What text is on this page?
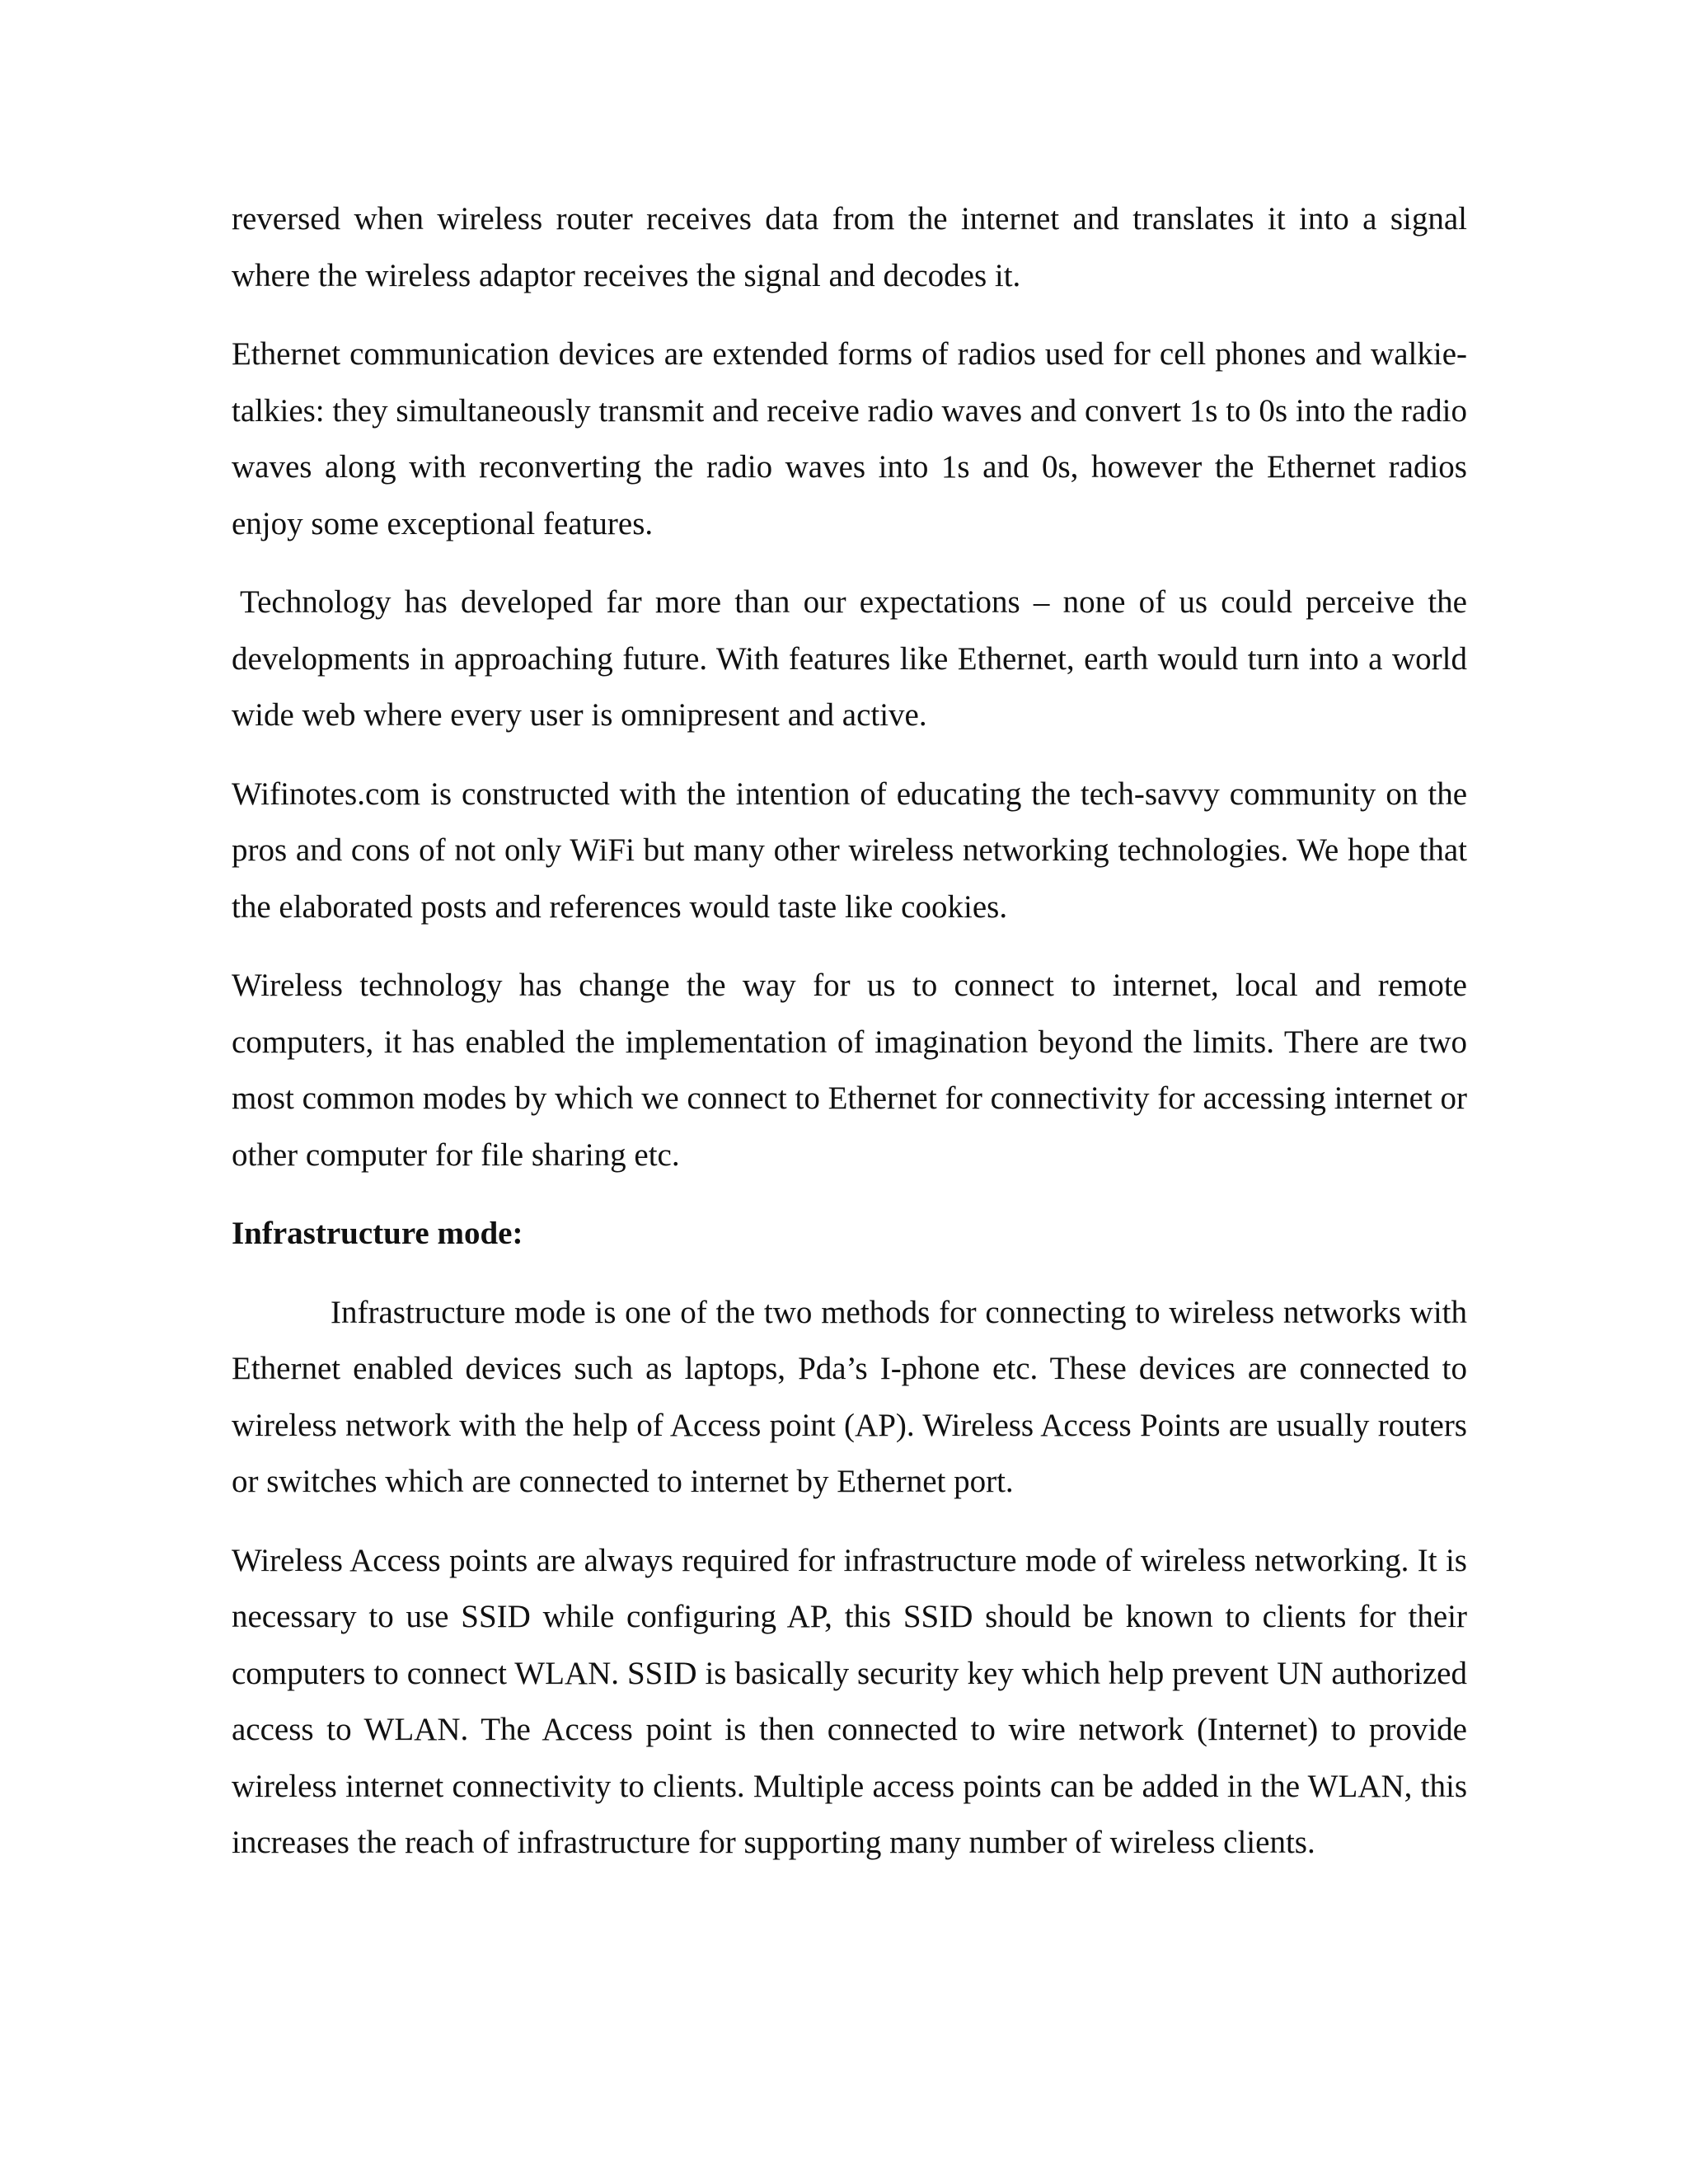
reversed when wireless router receives data from the internet and translates it into a signal where the wireless adaptor receives the signal and decodes it.

Ethernet communication devices are extended forms of radios used for cell phones and walkie-talkies: they simultaneously transmit and receive radio waves and convert 1s to 0s into the radio waves along with reconverting the radio waves into 1s and 0s, however the Ethernet radios enjoy some exceptional features.

Technology has developed far more than our expectations – none of us could perceive the developments in approaching future. With features like Ethernet, earth would turn into a world wide web where every user is omnipresent and active.

Wifinotes.com is constructed with the intention of educating the tech-savvy community on the pros and cons of not only WiFi but many other wireless networking technologies. We hope that the elaborated posts and references would taste like cookies.

Wireless technology has change the way for us to connect to internet, local and remote computers, it has enabled the implementation of imagination beyond the limits. There are two most common modes by which we connect to Ethernet for connectivity for accessing internet or other computer for file sharing etc.

Infrastructure mode:

Infrastructure mode is one of the two methods for connecting to wireless networks with Ethernet enabled devices such as laptops, Pda’s I-phone etc. These devices are connected to wireless network with the help of Access point (AP). Wireless Access Points are usually routers or switches which are connected to internet by Ethernet port.

Wireless Access points are always required for infrastructure mode of wireless networking. It is necessary to use SSID while configuring AP, this SSID should be known to clients for their computers to connect WLAN. SSID is basically security key which help prevent UN authorized access to WLAN. The Access point is then connected to wire network (Internet) to provide wireless internet connectivity to clients. Multiple access points can be added in the WLAN, this increases the reach of infrastructure for supporting many number of wireless clients.
